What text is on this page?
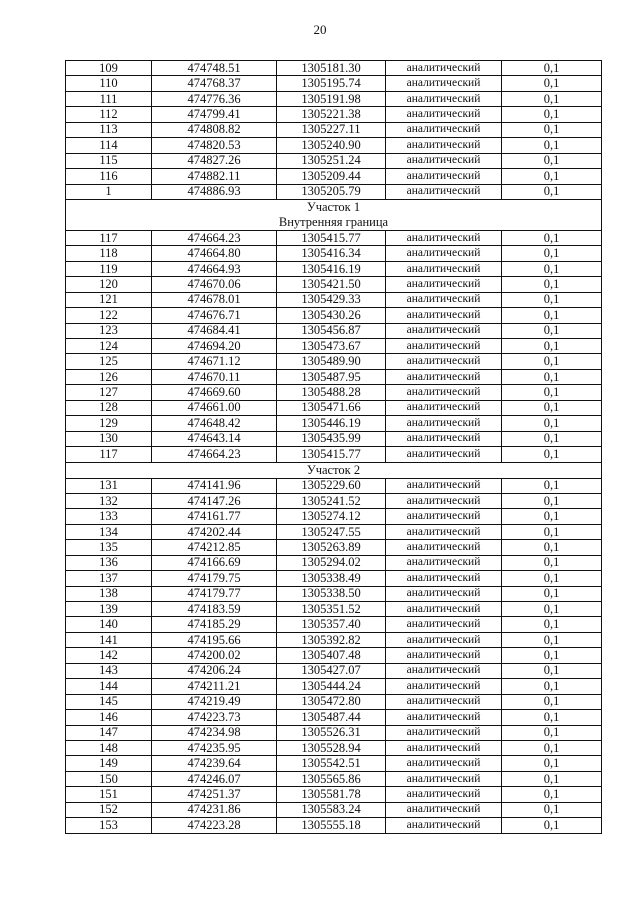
20
109	474748.51	1305181.30	аналитический	0,1
110	474768.37	1305195.74	аналитический	0,1
111	474776.36	1305191.98	аналитический	0,1
112	474799.41	1305221.38	аналитический	0,1
113	474808.82	1305227.11	аналитический	0,1
114	474820.53	1305240.90	аналитический	0,1
115	474827.26	1305251.24	аналитический	0,1
116	474882.11	1305209.44	аналитический	0,1
1	474886.93	1305205.79	аналитический	0,1

Участок 1
Внутренняя граница				

117	474664.23	1305415.77	аналитический	0,1
118	474664.80	1305416.34	аналитический	0,1
119	474664.93	1305416.19	аналитический	0,1
120	474670.06	1305421.50	аналитический	0,1
121	474678.01	1305429.33	аналитический	0,1
122	474676.71	1305430.26	аналитический	0,1
123	474684.41	1305456.87	аналитический	0,1
124	474694.20	1305473.67	аналитический	0,1
125	474671.12	1305489.90	аналитический	0,1
126	474670.11	1305487.95	аналитический	0,1
127	474669.60	1305488.28	аналитический	0,1
128	474661.00	1305471.66	аналитический	0,1
129	474648.42	1305446.19	аналитический	0,1
130	474643.14	1305435.99	аналитический	0,1
117	474664.23	1305415.77	аналитический	0,1

Участок 2				

131	474141.96	1305229.60	аналитический	0,1
132	474147.26	1305241.52	аналитический	0,1
133	474161.77	1305274.12	аналитический	0,1
134	474202.44	1305247.55	аналитический	0,1
135	474212.85	1305263.89	аналитический	0,1
136	474166.69	1305294.02	аналитический	0,1
137	474179.75	1305338.49	аналитический	0,1
138	474179.77	1305338.50	аналитический	0,1
139	474183.59	1305351.52	аналитический	0,1
140	474185.29	1305357.40	аналитический	0,1
141	474195.66	1305392.82	аналитический	0,1
142	474200.02	1305407.48	аналитический	0,1
143	474206.24	1305427.07	аналитический	0,1
144	474211.21	1305444.24	аналитический	0,1
145	474219.49	1305472.80	аналитический	0,1
146	474223.73	1305487.44	аналитический	0,1
147	474234.98	1305526.31	аналитический	0,1
148	474235.95	1305528.94	аналитический	0,1
149	474239.64	1305542.51	аналитический	0,1
150	474246.07	1305565.86	аналитический	0,1
151	474251.37	1305581.78	аналитический	0,1
152	474231.86	1305583.24	аналитический	0,1
153	474223.28	1305555.18	аналитический	0,1
